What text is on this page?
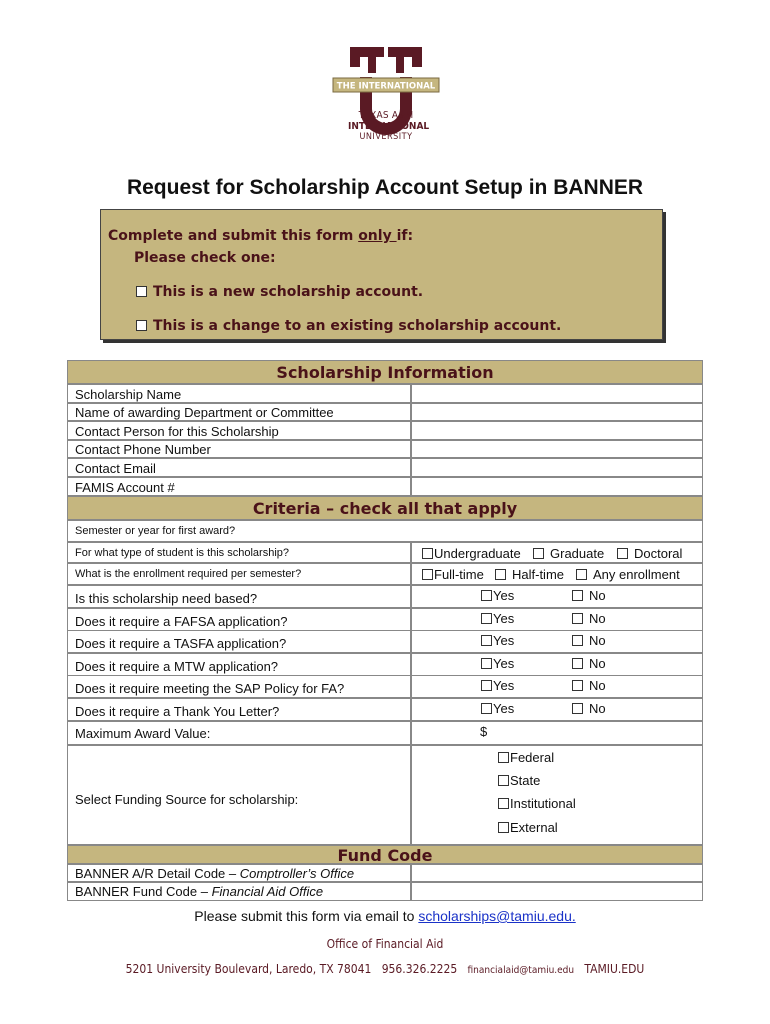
THE INTERNATIONAL
TEXAS A&M
INTERNATIONAL
UNIVERSITY
Request for Scholarship Account Setup in BANNER
Complete and submit this form only if:
Please check one:
This is a new scholarship account.
This is a change to an existing scholarship account.
Scholarship Information
Scholarship Name
Name of awarding Department or Committee
Contact Person for this Scholarship
Contact Phone Number
Contact Email
FAMIS Account #
Criteria – check all that apply
Semester or year for first award?
For what type of student is this scholarship?	Undergraduate	Graduate	Doctoral
What is the enrollment required per semester?	Full-time	Half-time	Any enrollment
Is this scholarship need based?	Yes	No
Does it require a FAFSA application?	Yes	No
Does it require a TASFA application?	Yes	No
Does it require a MTW application?	Yes	No
Does it require meeting the SAP Policy for FA?	Yes	No
Does it require a Thank You Letter?	Yes	No
Maximum Award Value:	$
Select Funding Source for scholarship:
Federal
State
Institutional
External
Fund Code
BANNER A/R Detail Code – Comptroller’s Office
BANNER Fund Code – Financial Aid Office
Please submit this form via email to scholarships@tamiu.edu.
Office of Financial Aid
5201 University Boulevard, Laredo, TX 78041 956.326.2225 financialaid@tamiu.edu TAMIU.EDU
